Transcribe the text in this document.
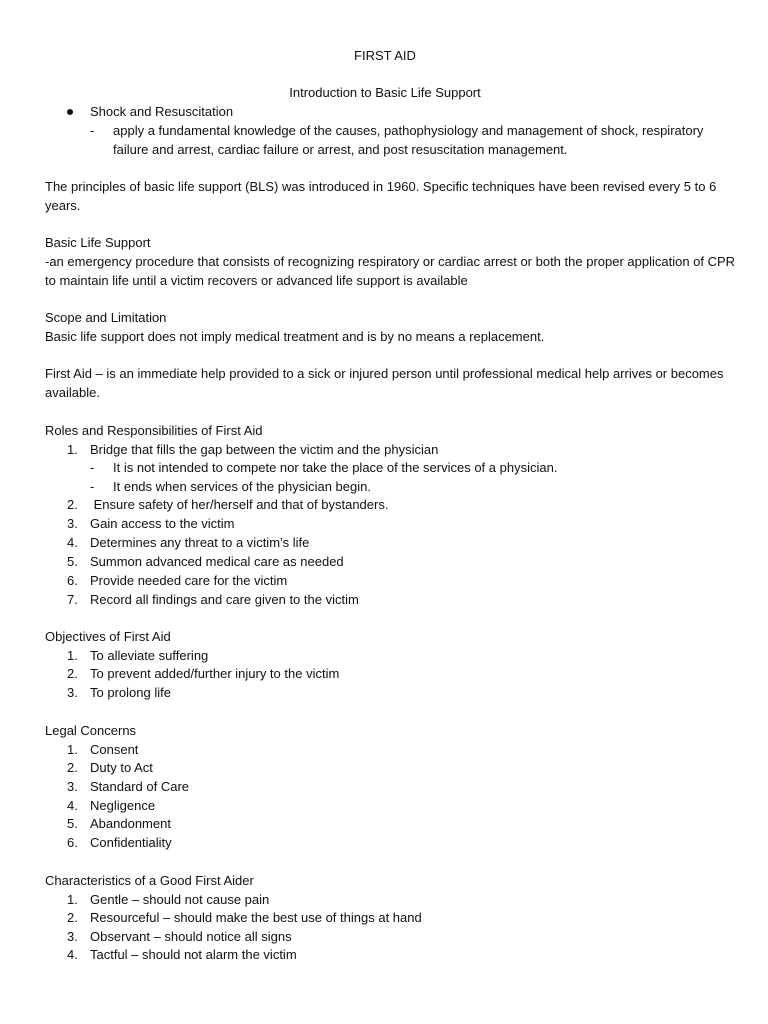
FIRST AID
Introduction to Basic Life Support
Shock and Resuscitation
- apply a fundamental knowledge of the causes, pathophysiology and management of shock, respiratory
failure and arrest, cardiac failure or arrest, and post resuscitation management.
The principles of basic life support (BLS) was introduced in 1960. Specific techniques have been revised every 5 to 6
years.
Basic Life Support
-an emergency procedure that consists of recognizing respiratory or cardiac arrest or both the proper application of CPR
to maintain life until a victim recovers or advanced life support is available
Scope and Limitation
Basic life support does not imply medical treatment and is by no means a replacement.
First Aid – is an immediate help provided to a sick or injured person until professional medical help arrives or becomes
available.
Roles and Responsibilities of First Aid
1. Bridge that fills the gap between the victim and the physician
- It is not intended to compete nor take the place of the services of a physician.
- It ends when services of the physician begin.
2. Ensure safety of her/herself and that of bystanders.
3. Gain access to the victim
4. Determines any threat to a victim’s life
5. Summon advanced medical care as needed
6. Provide needed care for the victim
7. Record all findings and care given to the victim
Objectives of First Aid
1. To alleviate suffering
2. To prevent added/further injury to the victim
3. To prolong life
Legal Concerns
1. Consent
2. Duty to Act
3. Standard of Care
4. Negligence
5. Abandonment
6. Confidentiality
Characteristics of a Good First Aider
1. Gentle – should not cause pain
2. Resourceful – should make the best use of things at hand
3. Observant – should notice all signs
4. Tactful – should not alarm the victim
